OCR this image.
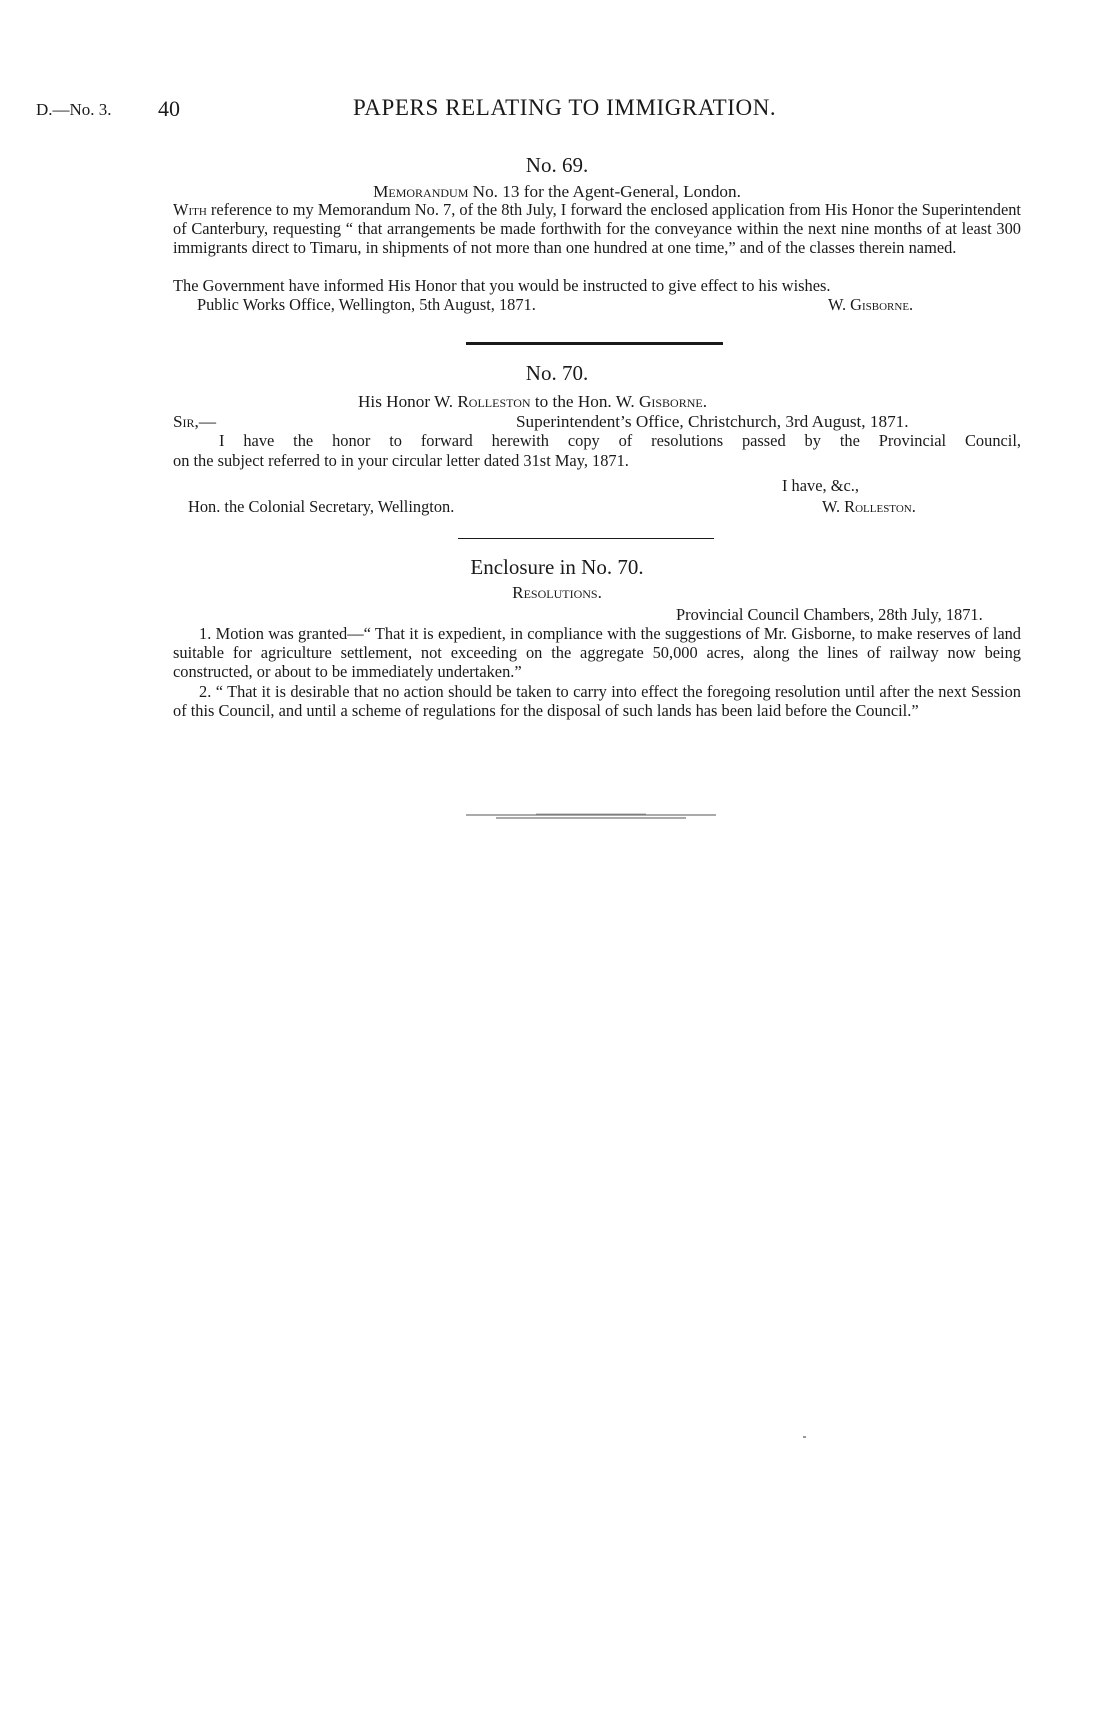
D.—No. 3. 40	PAPERS RELATING TO IMMIGRATION.
No. 69.
Memorandum No. 13 for the Agent-General, London.

With reference to my Memorandum No. 7, of the 8th July, I forward the enclosed application from His Honor the Superintendent of Canterbury, requesting “ that arrangements be made forthwith for the conveyance within the next nine months of at least 300 immigrants direct to Timaru, in shipments of not more than one hundred at one time,” and of the classes therein named.

The Government have informed His Honor that you would be instructed to give effect to his wishes.
Public Works Office, Wellington, 5th August, 1871.	W. Gisborne.
No. 70.
His Honor W. Rolleston to the Hon. W. Gisborne.
Sir,—	Superintendent’s Office, Christchurch, 3rd August, 1871.
I have the honor to forward herewith copy of resolutions passed by the Provincial Council,
on the subject referred to in your circular letter dated 31st May, 1871.
I have, &c.,
Hon. the Colonial Secretary, Wellington.	W. Rolleston.
Enclosure in No. 70.
Resolutions.
Provincial Council Chambers, 28th July, 1871.

1. Motion was granted—“ That it is expedient, in compliance with the suggestions of Mr. Gisborne, to make reserves of land suitable for agriculture settlement, not exceeding on the aggregate 50,000 acres, along the lines of railway now being constructed, or about to be immediately undertaken.”

2. “ That it is desirable that no action should be taken to carry into effect the foregoing resolution until after the next Session of this Council, and until a scheme of regulations for the disposal of such lands has been laid before the Council.”
